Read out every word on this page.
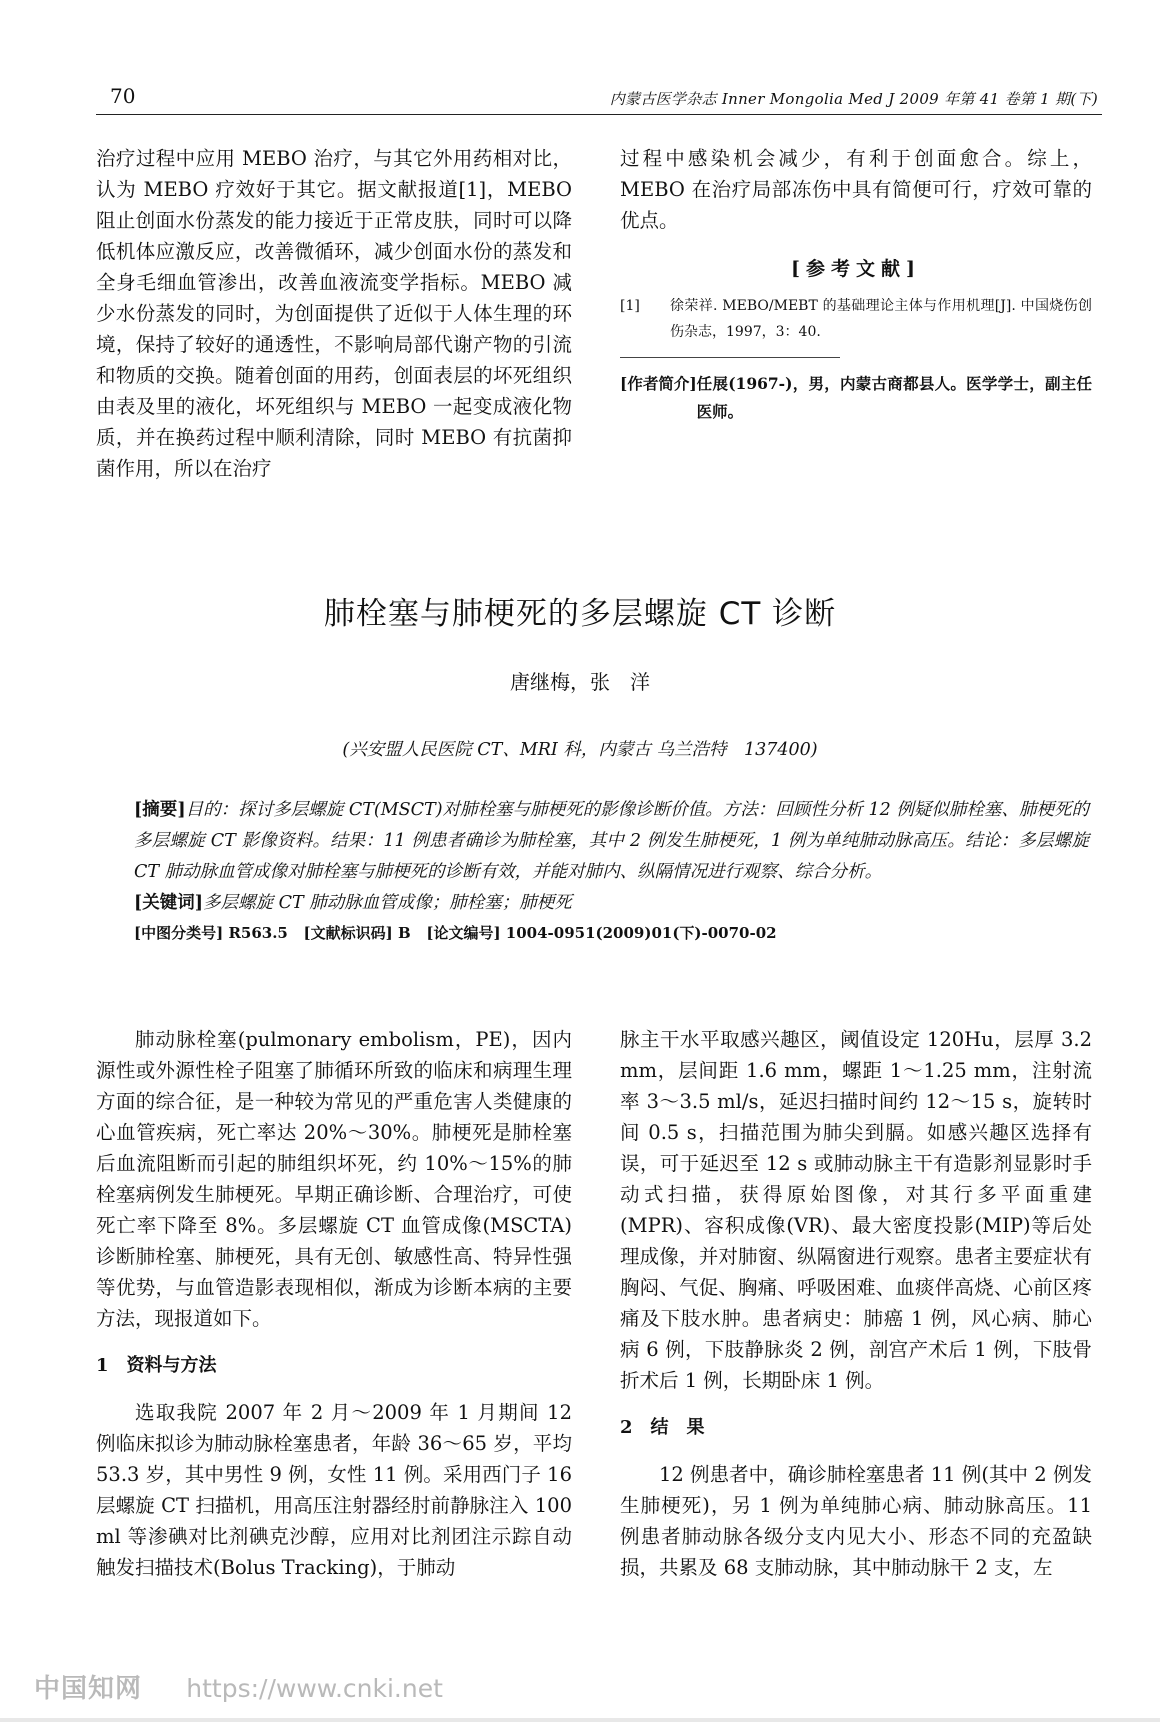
70	内蒙古医学杂志 Inner Mongolia Med J 2009 年第 41 卷第 1 期(下)

治疗过程中应用 MEBO 治疗，与其它外用药相对比，认为 MEBO 疗效好于其它。据文献报道[1]，MEBO 阻止创面水份蒸发的能力接近于正常皮肤，同时可以降低机体应激反应，改善微循环，减少创面水份的蒸发和全身毛细血管渗出，改善血液流变学指标。MEBO 减少水份蒸发的同时，为创面提供了近似于人体生理的环境，保持了较好的通透性，不影响局部代谢产物的引流和物质的交换。随着创面的用药，创面表层的坏死组织由表及里的液化，坏死组织与 MEBO 一起变成液化物质，并在换药过程中顺利清除，同时 MEBO 有抗菌抑菌作用，所以在治疗

过程中感染机会减少，有利于创面愈合。综上，MEBO 在治疗局部冻伤中具有简便可行，疗效可靠的优点。

[参考文献]
[1]	徐荣祥. MEBO/MEBT 的基础理论主体与作用机理[J]. 中国烧伤创伤杂志，1997，3：40.
[作者简介] 任展(1967-)，男，内蒙古商都县人。医学学士，副主任医师。
肺栓塞与肺梗死的多层螺旋 CT 诊断
唐继梅，张　洋
(兴安盟人民医院 CT、MRI 科，内蒙古 乌兰浩特　137400)

[摘要]目的：探讨多层螺旋 CT(MSCT)对肺栓塞与肺梗死的影像诊断价值。方法：回顾性分析 12 例疑似肺栓塞、肺梗死的多层螺旋 CT 影像资料。结果：11 例患者确诊为肺栓塞，其中 2 例发生肺梗死，1 例为单纯肺动脉高压。结论：多层螺旋 CT 肺动脉血管成像对肺栓塞与肺梗死的诊断有效，并能对肺内、纵隔情况进行观察、综合分析。

[关键词]多层螺旋 CT 肺动脉血管成像；肺栓塞；肺梗死

[中图分类号] R563.5 [文献标识码] B [论文编号] 1004-0951(2009)01(下)-0070-02

肺动脉栓塞(pulmonary embolism，PE)，因内源性或外源性栓子阻塞了肺循环所致的临床和病理生理方面的综合征，是一种较为常见的严重危害人类健康的心血管疾病，死亡率达 20%～30%。肺梗死是肺栓塞后血流阻断而引起的肺组织坏死，约 10%～15%的肺栓塞病例发生肺梗死。早期正确诊断、合理治疗，可使死亡率下降至 8%。多层螺旋 CT 血管成像(MSCTA)诊断肺栓塞、肺梗死，具有无创、敏感性高、特异性强等优势，与血管造影表现相似，渐成为诊断本病的主要方法，现报道如下。

1 资料与方法

选取我院 2007 年 2 月～2009 年 1 月期间 12 例临床拟诊为肺动脉栓塞患者，年龄 36～65 岁，平均 53.3 岁，其中男性 9 例，女性 11 例。采用西门子 16 层螺旋 CT 扫描机，用高压注射器经肘前静脉注入 100 ml 等渗碘对比剂碘克沙醇，应用对比剂团注示踪自动触发扫描技术(Bolus Tracking)，于肺动

脉主干水平取感兴趣区，阈值设定 120Hu，层厚 3.2 mm，层间距 1.6 mm，螺距 1～1.25 mm，注射流率 3～3.5 ml/s，延迟扫描时间约 12～15 s，旋转时间 0.5 s，扫描范围为肺尖到膈。如感兴趣区选择有误，可于延迟至 12 s 或肺动脉主干有造影剂显影时手动式扫描，获得原始图像，对其行多平面重建(MPR)、容积成像(VR)、最大密度投影(MIP)等后处理成像，并对肺窗、纵隔窗进行观察。患者主要症状有胸闷、气促、胸痛、呼吸困难、血痰伴高烧、心前区疼痛及下肢水肿。患者病史：肺癌 1 例，风心病、肺心病 6 例，下肢静脉炎 2 例，剖宫产术后 1 例，下肢骨折术后 1 例，长期卧床 1 例。

2 结　果

12 例患者中，确诊肺栓塞患者 11 例(其中 2 例发生肺梗死)，另 1 例为单纯肺心病、肺动脉高压。11 例患者肺动脉各级分支内见大小、形态不同的充盈缺损，共累及 68 支肺动脉，其中肺动脉干 2 支，左

中国知网 https://www.cnki.net
